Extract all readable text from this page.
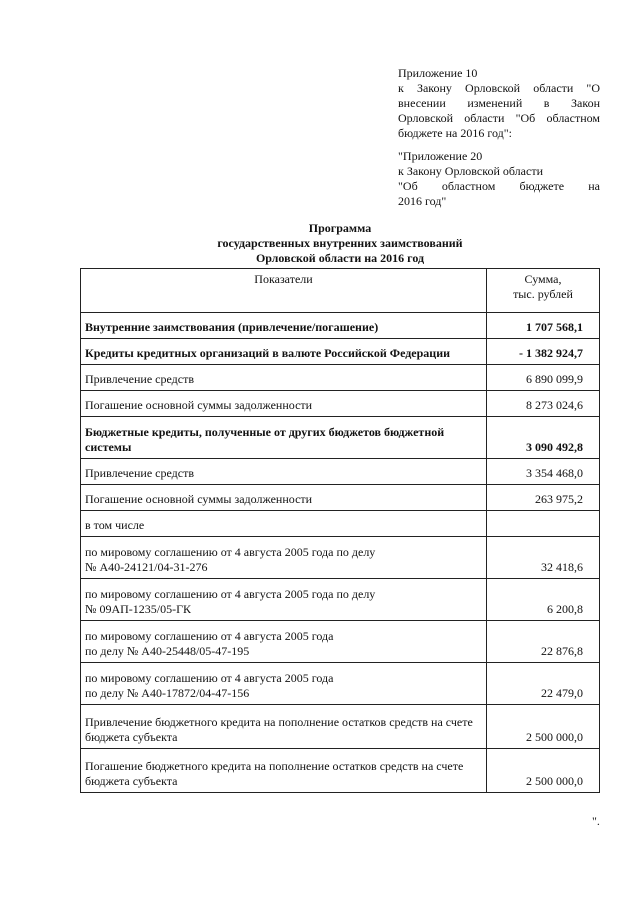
Приложение 10
к Закону Орловской области "О
внесении изменений в Закон
Орловской области "Об областном
бюджете на 2016 год":
"Приложение 20
к Закону Орловской области
"Об областном бюджете на
2016 год"
Программа
государственных внутренних заимствований
Орловской области на 2016 год
Показатели	Сумма,
тыс. рублей

Внутренние заимствования (привлечение/погашение)	1 707 568,1
Кредиты кредитных организаций в валюте Российской Федерации	- 1 382 924,7
Привлечение средств	6 890 099,9
Погашение основной суммы задолженности	8 273 024,6
Бюджетные кредиты, полученные от других бюджетов бюджетной системы	3 090 492,8
Привлечение средств	3 354 468,0
Погашение основной суммы задолженности	263 975,2
в том числе	

по мировому соглашению от 4 августа 2005 года по делу
№ А40-24121/04-31-276	32 418,6

по мировому соглашению от 4 августа 2005 года по делу
№ 09АП-1235/05-ГК	6 200,8

по мировому соглашению от 4 августа 2005 года
по делу № А40-25448/05-47-195	22 876,8

по мировому соглашению от 4 августа 2005 года
по делу № А40-17872/04-47-156	22 479,0
Привлечение бюджетного кредита на пополнение остатков средств на счете бюджета субъекта	2 500 000,0
Погашение бюджетного кредита на пополнение остатков средств на счете бюджета субъекта	2 500 000,0
".
